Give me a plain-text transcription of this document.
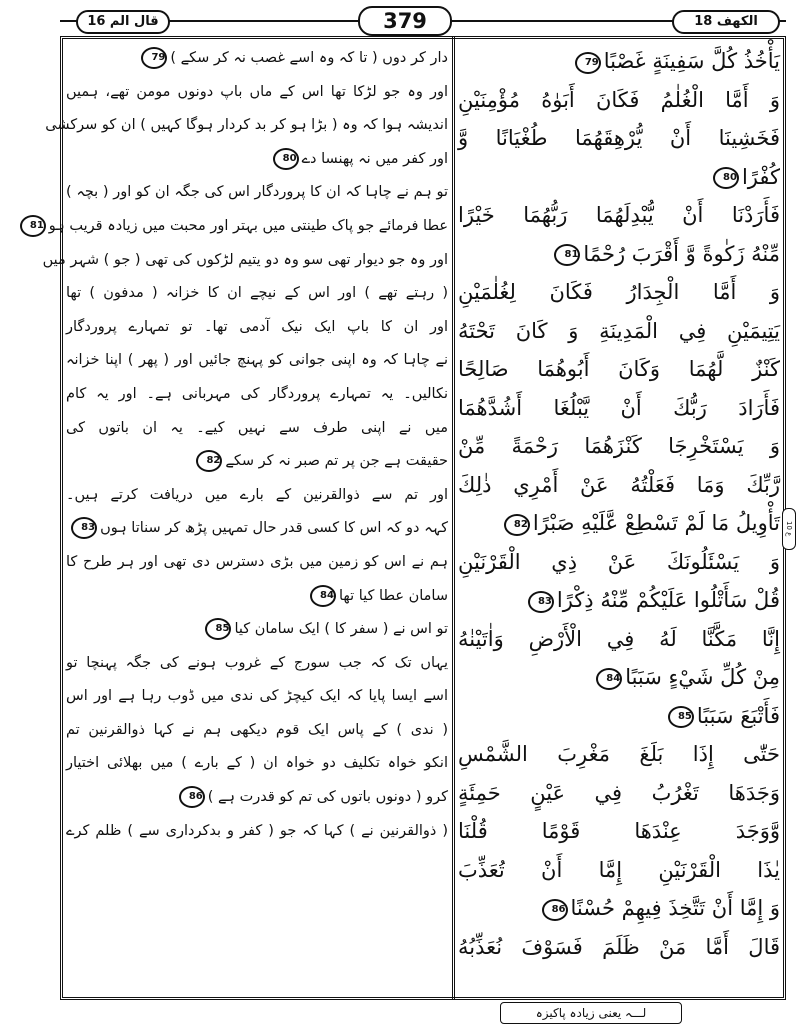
الکھف 18
379
قال الم 16
يَأْخُذُ كُلَّ سَفِينَةٍ غَصْبًا79
وَ أَمَّا الْغُلٰمُ فَكَانَ أَبَوٰهُ مُؤْمِنَيْنِ
فَخَشِينَا أَنْ يُّرْهِقَهُمَا طُغْيَانًا وَّ
كُفْرًا80
فَأَرَدْنَا أَنْ يُّبْدِلَهُمَا رَبُّهُمَا خَيْرًا
مِّنْهُ زَكٰوةً وَّ أَقْرَبَ رُحْمًا81
وَ أَمَّا الْجِدَارُ فَكَانَ لِغُلٰمَيْنِ
يَتِيمَيْنِ فِي الْمَدِينَةِ وَ كَانَ تَحْتَهُ
كَنْزٌ لَّهُمَا وَكَانَ أَبُوهُمَا صَالِحًا
فَأَرَادَ رَبُّكَ أَنْ يَّبْلُغَا أَشُدَّهُمَا
وَ يَسْتَخْرِجَا كَنْزَهُمَا رَحْمَةً مِّنْ
رَّبِّكَ وَمَا فَعَلْتُهُ عَنْ أَمْرِي ذٰلِكَ
تَأْوِيلُ مَا لَمْ تَسْطِعْ عَّلَيْهِ صَبْرًا82
وَ يَسْئَلُونَكَ عَنْ ذِي الْقَرْنَيْنِ
قُلْ سَأَتْلُوا عَلَيْكُمْ مِّنْهُ ذِكْرًا83
إِنَّا مَكَّنَّا لَهُ فِي الْأَرْضِ وَاٰتَيْنٰهُ
مِنْ كُلِّ شَيْءٍ سَبَبًا84
فَأَتْبَعَ سَبَبًا85
حَتّٰى إِذَا بَلَغَ مَغْرِبَ الشَّمْسِ
وَجَدَهَا تَغْرُبُ فِي عَيْنٍ حَمِئَةٍ
وَّوَجَدَ عِنْدَهَا قَوْمًا قُلْنَا
يٰذَا الْقَرْنَيْنِ إِمَّا أَنْ تُعَذِّبَ
وَ إِمَّا أَنْ تَتَّخِذَ فِيهِمْ حُسْنًا86
قَالَ أَمَّا مَنْ ظَلَمَ فَسَوْفَ نُعَذِّبُهُ
دار کر دوں ( تا کہ وہ اسے غصب نہ کر سکے )79
اور وہ جو لڑکا تھا اس کے ماں باپ دونوں مومن تھے، ہمیں
اندیشہ ہوا کہ وہ ( بڑا ہو کر بد کردار ہوگا کہیں ) ان کو سرکشی
اور کفر میں نہ پھنسا دے80
تو ہم نے چاہا کہ ان کا پروردگار اس کی جگہ ان کو اور ( بچہ )
عطا فرمائے جو پاک طینتی میں بہتر اور محبت میں زیادہ قریب ہو81
اور وہ جو دیوار تھی سو وہ دو یتیم لڑکوں کی تھی ( جو ) شہر میں
( رہتے تھے ) اور اس کے نیچے ان کا خزانہ ( مدفون ) تھا
اور ان کا باپ ایک نیک آدمی تھا۔ تو تمہارے پروردگار
نے چاہا کہ وہ اپنی جوانی کو پہنچ جائیں اور ( پھر ) اپنا خزانہ
نکالیں۔ یہ تمہارے پروردگار کی مہربانی ہے۔ اور یہ کام
میں نے اپنی طرف سے نہیں کیے۔ یہ ان باتوں کی
حقیقت ہے جن پر تم صبر نہ کر سکے82
اور تم سے ذوالقرنین کے بارے میں دریافت کرتے ہیں۔
کہہ دو کہ اس کا کسی قدر حال تمہیں پڑھ کر سناتا ہوں83
ہم نے اس کو زمین میں بڑی دسترس دی تھی اور ہر طرح کا
سامان عطا کیا تھا84
تو اس نے ( سفر کا ) ایک سامان کیا85
یہاں تک کہ جب سورج کے غروب ہونے کی جگہ پہنچا تو
اسے ایسا پایا کہ ایک کیچڑ کی ندی میں ڈوب رہا ہے اور اس
( ندی ) کے پاس ایک قوم دیکھی ہم نے کہا ذوالقرنین تم
انکو خواہ تکلیف دو خواہ ان ( کے بارے ) میں بھلائی اختیار
کرو ( دونوں باتوں کی تم کو قدرت ہے )86
( ذوالقرنین نے ) کہا کہ جو ( کفر و بدکرداری سے ) ظلم کرے
ع 10
لـــہ یعنی زیادہ پاکیزہ
